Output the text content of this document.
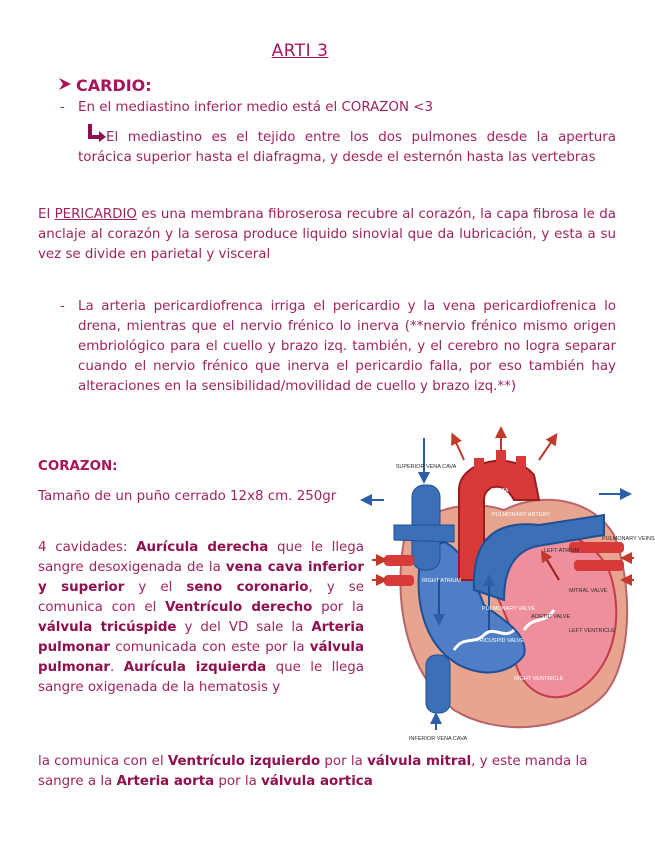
ARTI 3
CARDIO:
- En el mediastino inferior medio está el CORAZON <3
El mediastino es el tejido entre los dos pulmones desde la apertura torácica superior hasta el diafragma, y desde el esternón hasta las vertebras
El PERICARDIO es una membrana fibroserosa recubre al corazón, la capa fibrosa le da anclaje al corazón y la serosa produce liquido sinovial que da lubricación, y esta a su vez se divide en parietal y visceral
- La arteria pericardiofrenca irriga el pericardio y la vena pericardiofrenica lo drena, mientras que el nervio frénico lo inerva (**nervio frénico mismo origen embriológico para el cuello y brazo izq. también, y el cerebro no logra separar cuando el nervio frénico que inerva el pericardio falla, por eso también hay alteraciones en la sensibilidad/movilidad de cuello y brazo izq.**)
CORAZON:
Tamaño de un puño cerrado 12x8 cm. 250gr
4 cavidades: Aurícula derecha que le llega sangre desoxigenada de la vena cava inferior y superior y el seno coronario, y se comunica con el Ventrículo derecho por la válvula tricúspide y del VD sale la Arteria pulmonar comunicada con este por la válvula pulmonar. Aurícula izquierda que le llega sangre oxigenada de la hematosis y
la comunica con el Ventrículo izquierdo por la válvula mitral, y este manda la sangre a la Arteria aorta por la válvula aortica
SUPERIOR VENA CAVA
AORTA
PULMONARY ARTERY
PULMONARY VEINS
LEFT ATRIUM
RIGHT ATRIUM
MITRAL VALVE
PULMONARY VALVE
AORTIC VALVE
LEFT VENTRICLE
TRICUSPID VALVE
RIGHT VENTRICLE
INFERIOR VENA CAVA
